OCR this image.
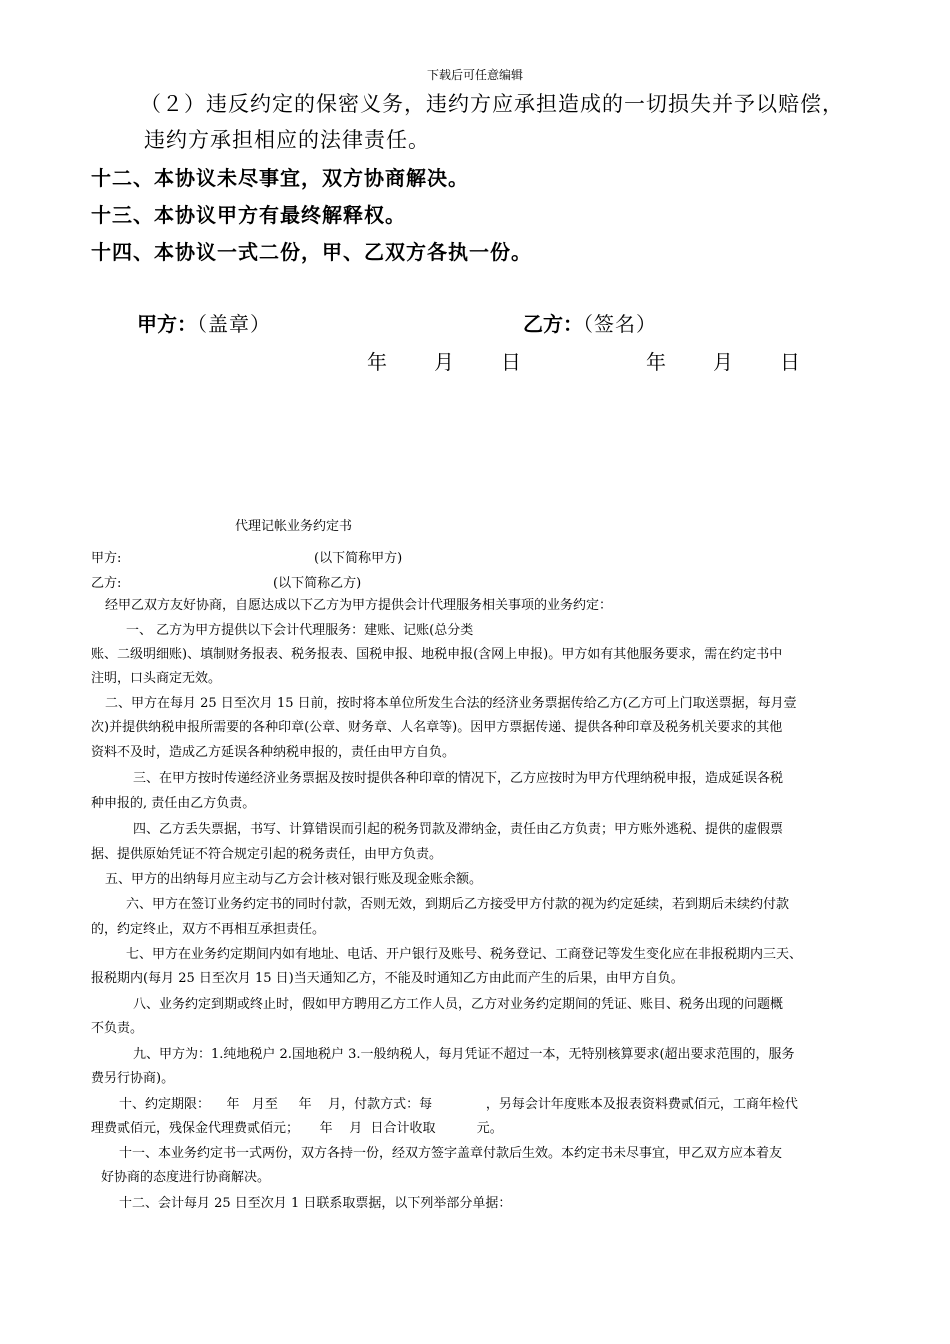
下载后可任意编辑
（２）违反约定的保密义务，违约方应承担造成的一切损失并予以赔偿，
违约方承担相应的法律责任。
十二、本协议未尽事宜，双方协商解决。
十三、本协议甲方有最终解释权。
十四、本协议一式二份，甲、乙双方各执一份。
甲方：（盖章）	乙方：（签名）
年 月 日	年 月 日
代理记帐业务约定书
甲方:	(以下简称甲方)
乙方:	(以下简称乙方)
经甲乙双方友好协商，自愿达成以下乙方为甲方提供会计代理服务相关事项的业务约定：
一、 乙方为甲方提供以下会计代理服务：建账、记账(总分类
账、二级明细账)、填制财务报表、税务报表、国税申报、地税申报(含网上申报)。甲方如有其他服务要求，需在约定书中
注明，口头商定无效。
二、甲方在每月 25 日至次月 15 日前，按时将本单位所发生合法的经济业务票据传给乙方(乙方可上门取送票据，每月壹
次)并提供纳税申报所需要的各种印章(公章、财务章、人名章等)。因甲方票据传递、提供各种印章及税务机关要求的其他
资料不及时，造成乙方延误各种纳税申报的，责任由甲方自负。
三、在甲方按时传递经济业务票据及按时提供各种印章的情况下，乙方应按时为甲方代理纳税申报，造成延误各税
种申报的, 责任由乙方负责。
四、乙方丢失票据，书写、计算错误而引起的税务罚款及滞纳金，责任由乙方负责；甲方账外逃税、提供的虚假票
据、提供原始凭证不符合规定引起的税务责任，由甲方负责。
五、甲方的出纳每月应主动与乙方会计核对银行账及现金账余额。
六、甲方在签订业务约定书的同时付款，否则无效，到期后乙方接受甲方付款的视为约定延续，若到期后未续约付款
的，约定终止，双方不再相互承担责任。
七、甲方在业务约定期间内如有地址、电话、开户银行及账号、税务登记、工商登记等发生变化应在非报税期内三天、
报税期内(每月 25 日至次月 15 日)当天通知乙方，不能及时通知乙方由此而产生的后果，由甲方自负。
八、业务约定到期或终止时，假如甲方聘用乙方工作人员，乙方对业务约定期间的凭证、账目、税务出现的问题概
不负责。
九、甲方为：1.纯地税户 2.国地税户 3.一般纳税人，每月凭证不超过一本，无特别核算要求(超出要求范围的，服务
费另行协商)。
十、约定期限：    年   月至     年    月，付款方式：每             ，另每会计年度账本及报表资料费贰佰元，工商年检代
理费贰佰元，残保金代理费贰佰元；     年    月  日合计收取          元。
十一、本业务约定书一式两份，双方各持一份，经双方签字盖章付款后生效。本约定书未尽事宜，甲乙双方应本着友
好协商的态度进行协商解决。
十二、会计每月 25 日至次月 1 日联系取票据，以下列举部分单据：
